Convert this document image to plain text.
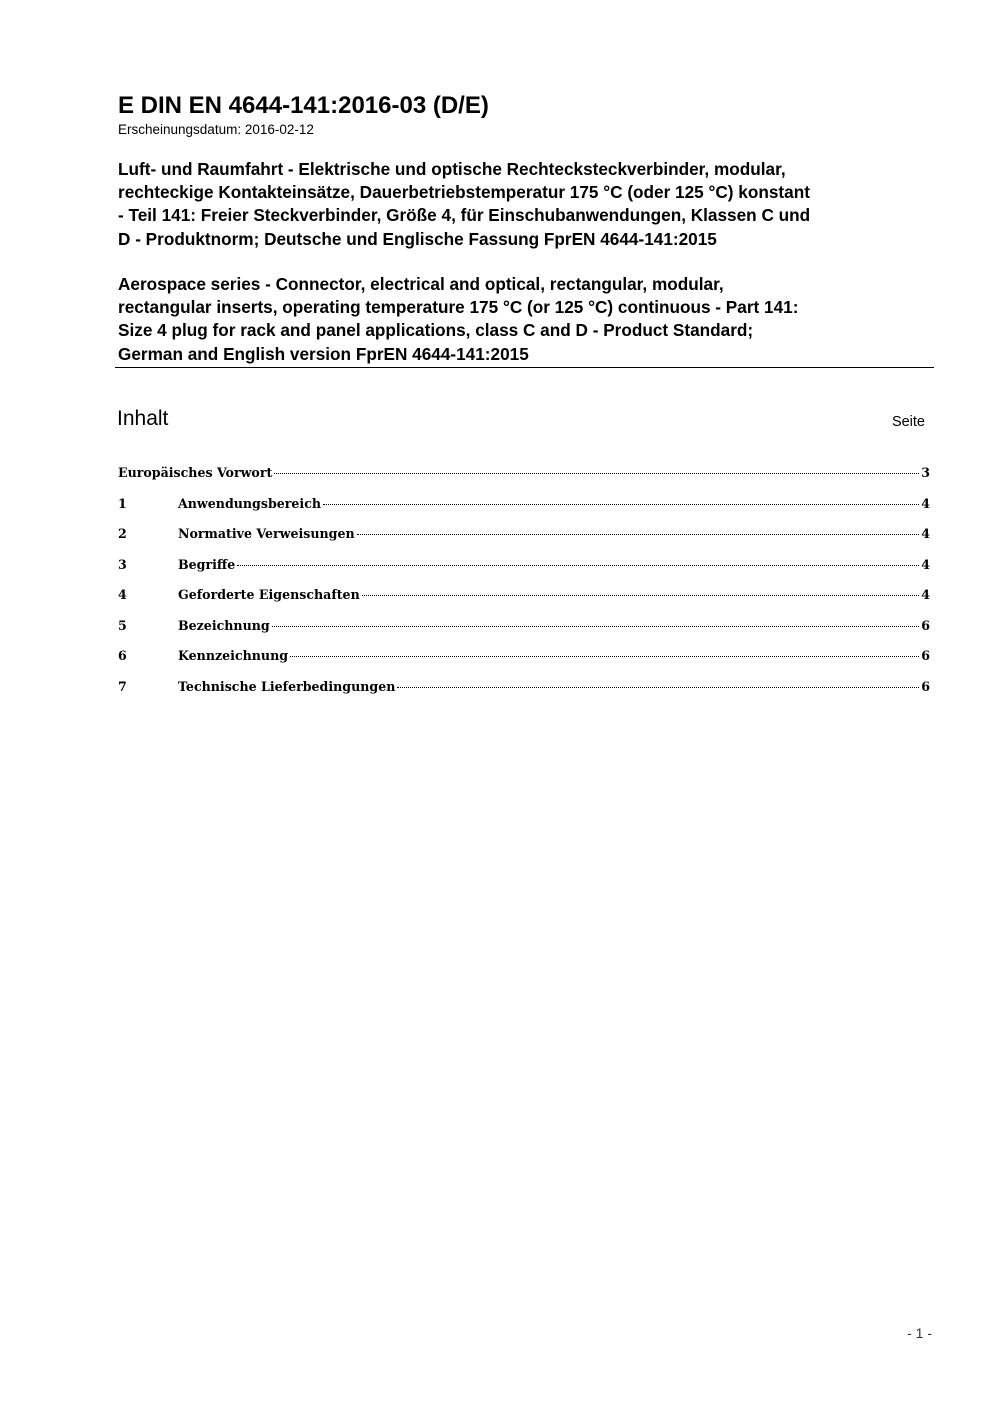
E DIN EN 4644-141:2016-03 (D/E)
Erscheinungsdatum: 2016-02-12
Luft- und Raumfahrt - Elektrische und optische Rechtecksteckverbinder, modular,
rechteckige Kontakteinsätze, Dauerbetriebstemperatur 175 °C (oder 125 °C) konstant
- Teil 141: Freier Steckverbinder, Größe 4, für Einschubanwendungen, Klassen C und
D - Produktnorm; Deutsche und Englische Fassung FprEN 4644-141:2015
Aerospace series - Connector, electrical and optical, rectangular, modular,
rectangular inserts, operating temperature 175 °C (or 125 °C) continuous - Part 141:
Size 4 plug for rack and panel applications, class C and D - Product Standard;
German and English version FprEN 4644-141:2015
Inhalt	Seite
Europäisches Vorwort	3
1	Anwendungsbereich	4
2	Normative Verweisungen	4
3	Begriffe	4
4	Geforderte Eigenschaften	4
5	Bezeichnung	6
6	Kennzeichnung	6
7	Technische Lieferbedingungen	6
- 1 -
